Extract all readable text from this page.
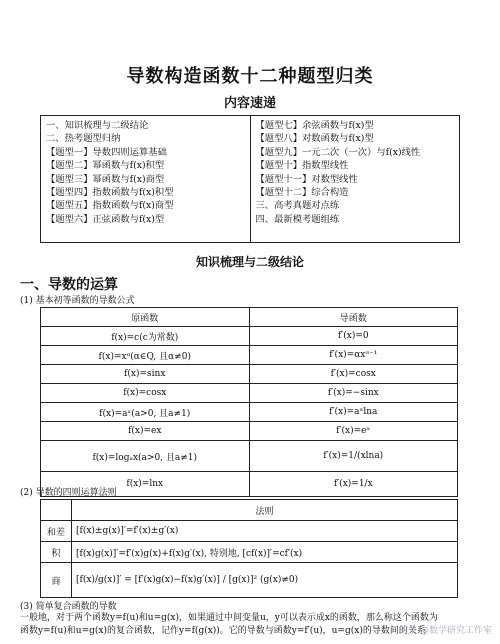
导数构造函数十二种题型归类
内容速递
一、知识梳理与二级结论
二、热考题型归纳
【题型一】导数四则运算基础
【题型二】幂函数与f(x)积型
【题型三】幂函数与f(x)商型
【题型四】指数函数与f(x)积型
【题型五】指数函数与f(x)商型
【题型六】正弦函数与f(x)型
【题型七】余弦函数与f(x)型
【题型八】对数函数与f(x)型
【题型九】一元二次（一次）与f(x)线性
【题型十】指数型线性
【题型十一】对数型线性
【题型十二】综合构造
三、高考真题对点练
四、最新模考题组练
知识梳理与二级结论
一、导数的运算
(1) 基本初等函数的导数公式
原函数	导函数
f(x)=c(c为常数)	f′(x)=0
f(x)=xᵅ(α∈Q, 且α≠0)	f′(x)=αxᵅ⁻¹
f(x)=sinx	f′(x)=cosx
f(x)=cosx	f′(x)=−sinx
f(x)=aˣ(a>0, 且a≠1)	f′(x)=aˣlna
f(x)=ex	f′(x)=eˣ
f(x)=logₐx(a>0, 且a≠1)	f′(x)=1/(xlna)
f(x)=lnx	f′(x)=1/x
(2) 导数的四则运算法则
	法则
和差	[f(x)±g(x)]′=f′(x)±g′(x)
积	[f(x)g(x)]′=f′(x)g(x)+f(x)g′(x), 特别地, [cf(x)]′=cf′(x)
商	[f(x)/g(x)]′ = [f′(x)g(x)−f(x)g′(x)] / [g(x)]² (g(x)≠0)
(3) 简单复合函数的导数
一般地，对于两个函数y=f(u)和u=g(x)，如果通过中间变量u，y可以表示成x的函数，那么称这个函数为
函数y=f(u)和u=g(x)的复合函数，记作y=f(g(x))。它的导数与函数y=f′(u)，u=g(x)的导数间的关系
头条 @数学研究工作室
